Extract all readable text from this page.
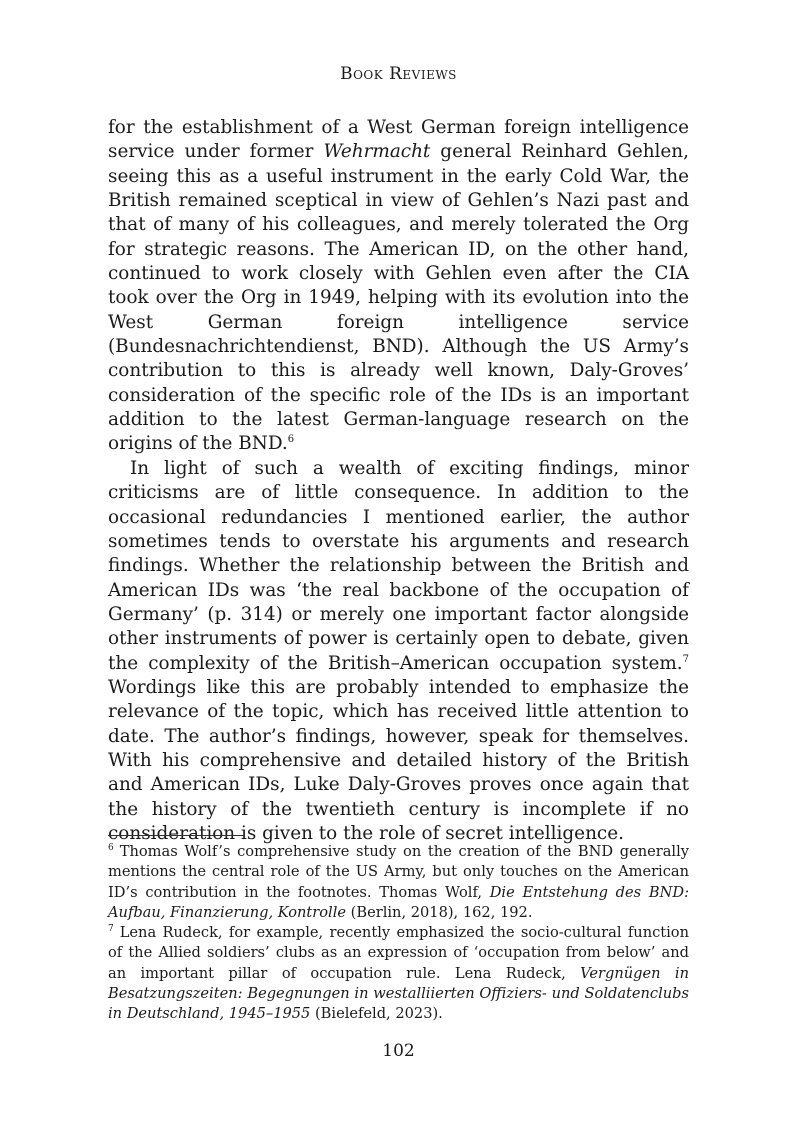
Book Reviews

for the establishment of a West German foreign intelligence service under former Wehrmacht general Reinhard Gehlen, seeing this as a useful instrument in the early Cold War, the British remained sceptical in view of Gehlen’s Nazi past and that of many of his colleagues, and merely tolerated the Org for strategic reasons. The American ID, on the other hand, continued to work closely with Gehlen even after the CIA took over the Org in 1949, helping with its evolution into the West German foreign intelligence service (Bundesnachrichtendienst, BND). Although the US Army’s contribution to this is already well known, Daly-Groves’ consideration of the specific role of the IDs is an important addition to the latest German-language research on the origins of the BND.$^6$

In light of such a wealth of exciting findings, minor criticisms are of little consequence. In addition to the occasional redundancies I mentioned earlier, the author sometimes tends to overstate his arguments and research findings. Whether the relationship between the British and American IDs was ‘the real backbone of the occupation of Germany’ (p. 314) or merely one important factor alongside other instruments of power is certainly open to debate, given the complexity of the British–American occupation system.$^7$ Wordings like this are probably intended to emphasize the relevance of the topic, which has received little attention to date. The author’s findings, however, speak for themselves. With his comprehensive and detailed history of the British and American IDs, Luke Daly-Groves proves once again that the history of the twentieth century is incomplete if no consideration is given to the role of secret intelligence.

$^6$ Thomas Wolf’s comprehensive study on the creation of the BND generally mentions the central role of the US Army, but only touches on the American ID’s contribution in the footnotes. Thomas Wolf, Die Entstehung des BND: Aufbau, Finanzierung, Kontrolle (Berlin, 2018), 162, 192.

$^7$ Lena Rudeck, for example, recently emphasized the socio-cultural function of the Allied soldiers’ clubs as an expression of ‘occupation from below’ and an important pillar of occupation rule. Lena Rudeck, Vergnügen in Besatzungszeiten: Begegnungen in westalliierten Offiziers- und Soldatenclubs in Deutschland, 1945–1955 (Bielefeld, 2023).

102
